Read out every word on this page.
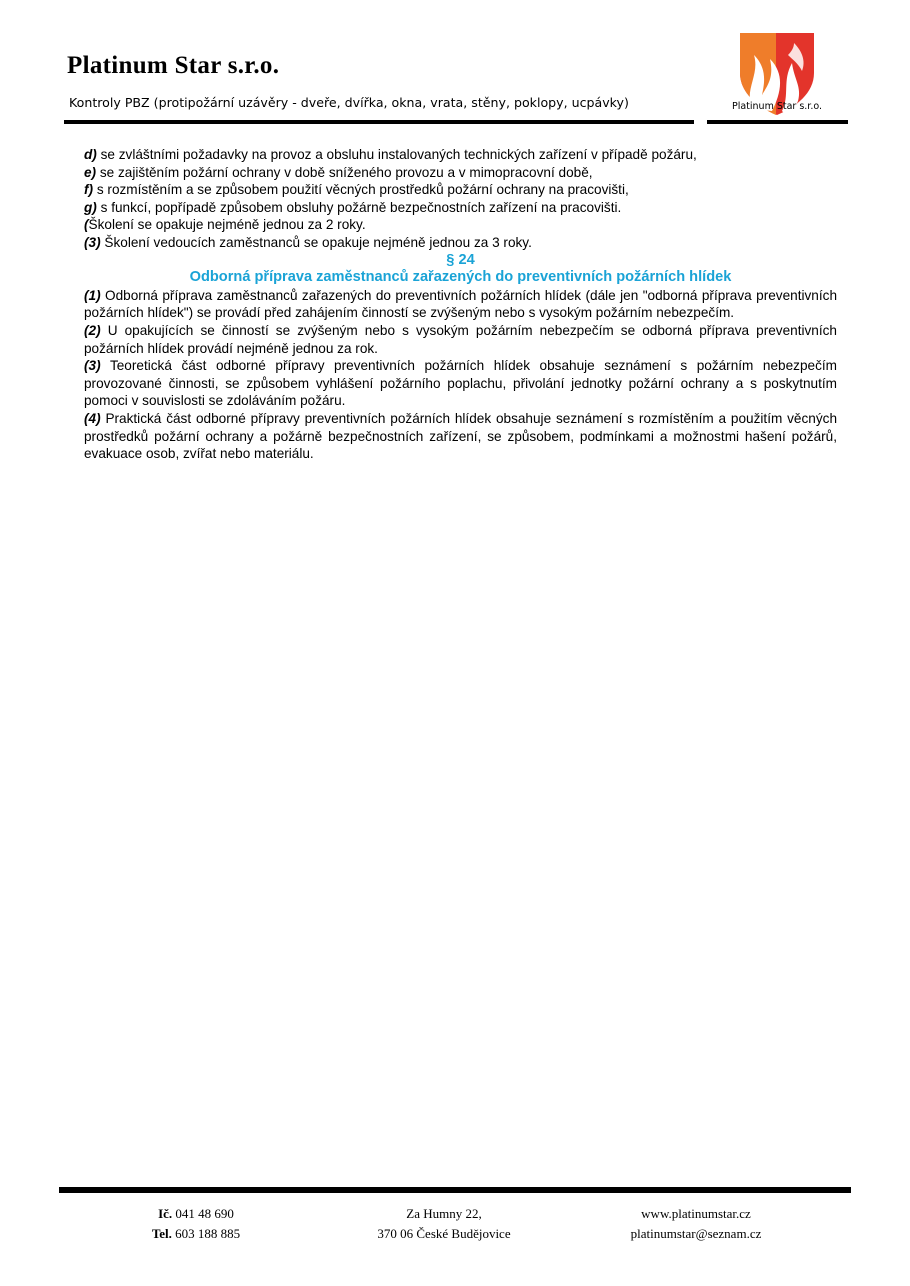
Platinum Star s.r.o.
Kontroly PBZ (protipožární uzávěry - dveře, dvířka, okna, vrata, stěny, poklopy, ucpávky)	Platinum Star s.r.o.

d) se zvláštními požadavky na provoz a obsluhu instalovaných technických zařízení v případě požáru,

e) se zajištěním požární ochrany v době sníženého provozu a v mimopracovní době,

f) s rozmístěním a se způsobem použití věcných prostředků požární ochrany na pracovišti,

g) s funkcí, popřípadě způsobem obsluhy požárně bezpečnostních zařízení na pracovišti.

(Školení se opakuje nejméně jednou za 2 roky.

(3) Školení vedoucích zaměstnanců se opakuje nejméně jednou za 3 roky.

§ 24

Odborná příprava zaměstnanců zařazených do preventivních požárních hlídek

(1) Odborná příprava zaměstnanců zařazených do preventivních požárních hlídek (dále jen "odborná příprava preventivních požárních hlídek") se provádí před zahájením činností se zvýšeným nebo s vysokým požárním nebezpečím.

(2) U opakujících se činností se zvýšeným nebo s vysokým požárním nebezpečím se odborná příprava preventivních požárních hlídek provádí nejméně jednou za rok.

(3) Teoretická část odborné přípravy preventivních požárních hlídek obsahuje seznámení s požárním nebezpečím provozované činnosti, se způsobem vyhlášení požárního poplachu, přivolání jednotky požární ochrany a s poskytnutím pomoci v souvislosti se zdoláváním požáru.

(4) Praktická část odborné přípravy preventivních požárních hlídek obsahuje seznámení s rozmístěním a použitím věcných prostředků požární ochrany a požárně bezpečnostních zařízení, se způsobem, podmínkami a možnostmi hašení požárů, evakuace osob, zvířat nebo materiálu.

Ič. 041 48 690
Tel. 603 188 885
Za Humny 22,
370 06 České Budějovice
www.platinumstar.cz
platinumstar@seznam.cz
